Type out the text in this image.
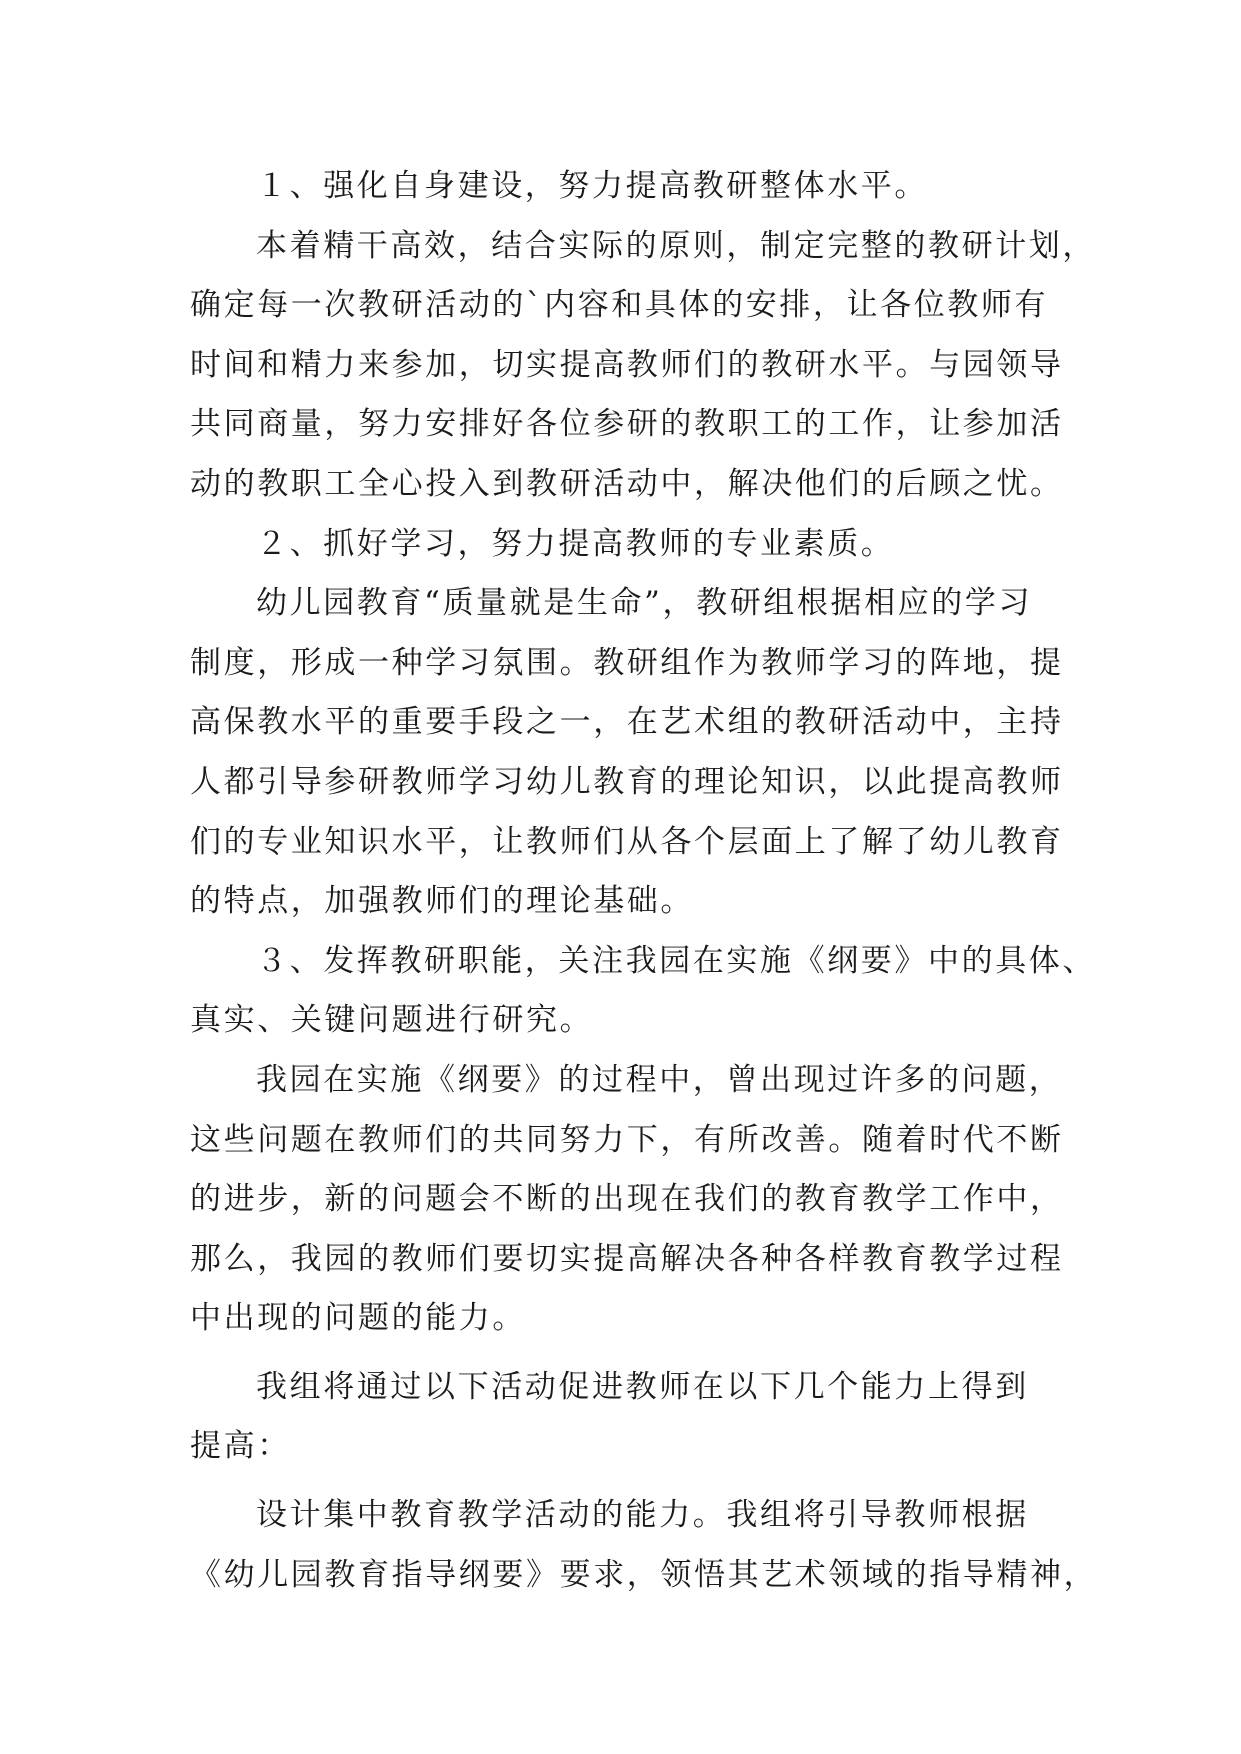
１、强化自身建设，努力提高教研整体水平。
本着精干高效，结合实际的原则，制定完整的教研计划，
确定每一次教研活动的`内容和具体的安排，让各位教师有
时间和精力来参加，切实提高教师们的教研水平。与园领导
共同商量，努力安排好各位参研的教职工的工作，让参加活
动的教职工全心投入到教研活动中，解决他们的后顾之忧。
２、抓好学习，努力提高教师的专业素质。
幼儿园教育“质量就是生命”，教研组根据相应的学习
制度，形成一种学习氛围。教研组作为教师学习的阵地，提
高保教水平的重要手段之一，在艺术组的教研活动中，主持
人都引导参研教师学习幼儿教育的理论知识，以此提高教师
们的专业知识水平，让教师们从各个层面上了解了幼儿教育
的特点，加强教师们的理论基础。
３、发挥教研职能，关注我园在实施《纲要》中的具体、
真实、关键问题进行研究。
我园在实施《纲要》的过程中，曾出现过许多的问题，
这些问题在教师们的共同努力下，有所改善。随着时代不断
的进步，新的问题会不断的出现在我们的教育教学工作中，
那么，我园的教师们要切实提高解决各种各样教育教学过程
中出现的问题的能力。
我组将通过以下活动促进教师在以下几个能力上得到
提高：
设计集中教育教学活动的能力。我组将引导教师根据
《幼儿园教育指导纲要》要求，领悟其艺术领域的指导精神，
